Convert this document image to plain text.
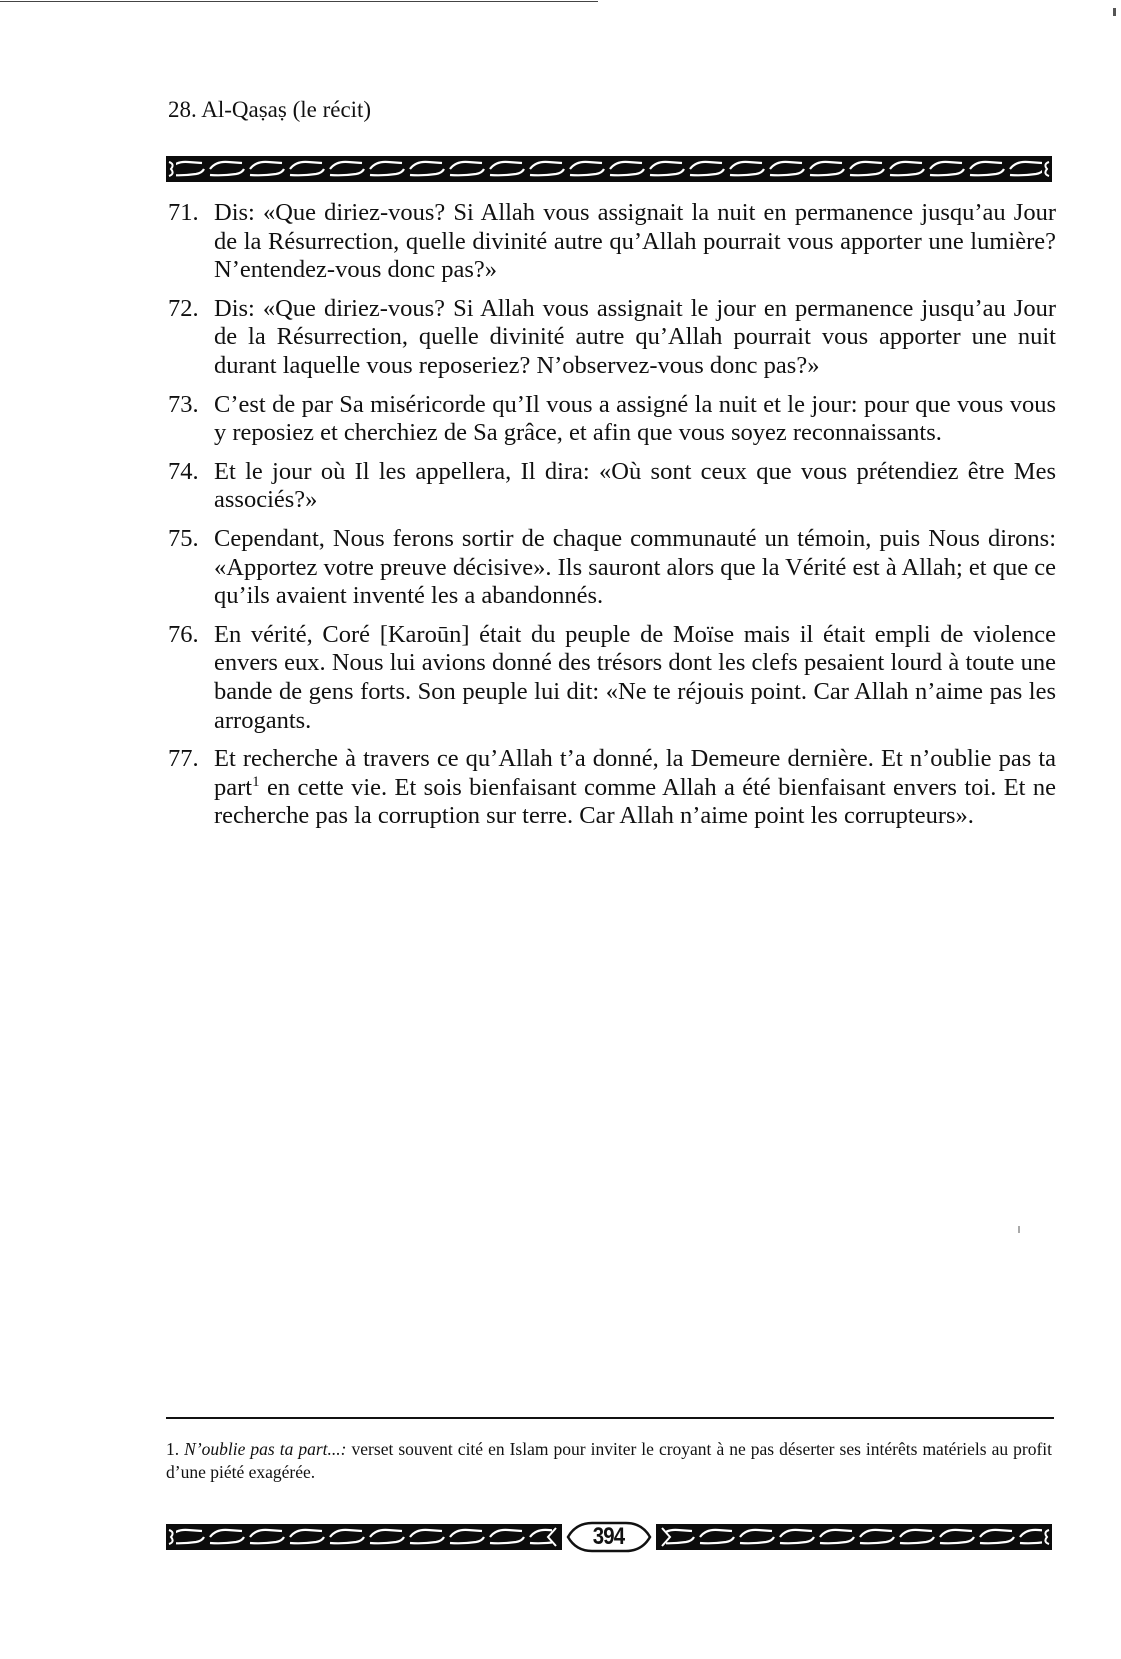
28. Al-Qaṣaṣ (le récit)
71. Dis: «Que diriez-vous? Si Allah vous assignait la nuit en permanence jusqu’au Jour de la Résurrection, quelle divinité autre qu’Allah pourrait vous apporter une lumière? N’entendez-vous donc pas?»
72. Dis: «Que diriez-vous? Si Allah vous assignait le jour en permanence jusqu’au Jour de la Résurrection, quelle divinité autre qu’Allah pourrait vous apporter une nuit durant laquelle vous reposeriez? N’observez-vous donc pas?»
73. C’est de par Sa miséricorde qu’Il vous a assigné la nuit et le jour: pour que vous vous y reposiez et cherchiez de Sa grâce, et afin que vous soyez reconnaissants.
74. Et le jour où Il les appellera, Il dira: «Où sont ceux que vous prétendiez être Mes associés?»
75. Cependant, Nous ferons sortir de chaque communauté un témoin, puis Nous dirons: «Apportez votre preuve décisive». Ils sauront alors que la Vérité est à Allah; et que ce qu’ils avaient inventé les a abandonnés.
76. En vérité, Coré [Karoūn] était du peuple de Moïse mais il était empli de violence envers eux. Nous lui avions donné des trésors dont les clefs pesaient lourd à toute une bande de gens forts. Son peuple lui dit: «Ne te réjouis point. Car Allah n’aime pas les arrogants.
77. Et recherche à travers ce qu’Allah t’a donné, la Demeure dernière. Et n’oublie pas ta part$^1$ en cette vie. Et sois bienfaisant comme Allah a été bienfaisant envers toi. Et ne recherche pas la corruption sur terre. Car Allah n’aime point les corrupteurs».
1. N’oublie pas ta part...: verset souvent cité en Islam pour inviter le croyant à ne pas déserter ses intérêts matériels au profit d’une piété exagérée.
394
